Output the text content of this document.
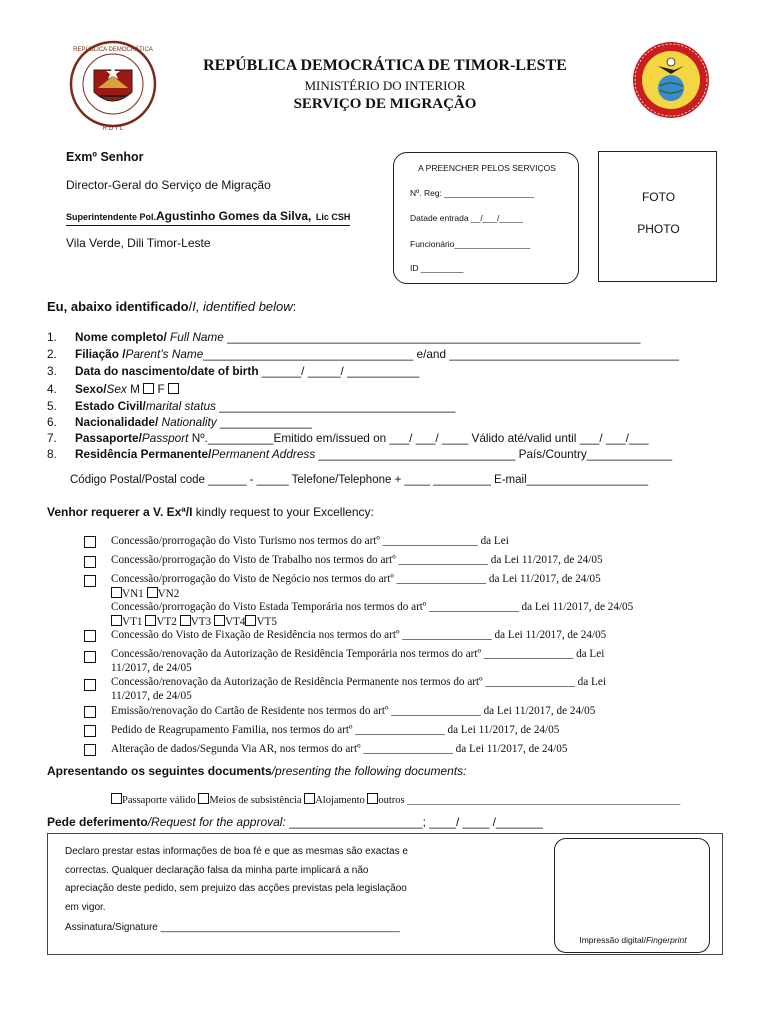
REPÚBLICA DEMOCRÁTICA
R D T L
REPÚBLICA DEMOCRÁTICA DE TIMOR-LESTE
MINISTÉRIO DO INTERIOR
SERVIÇO DE MIGRAÇÃO
Exmº Senhor
Director-Geral do Serviço de Migração
Superintendente Pol.Agustinho Gomes da Silva, Lic CSH
Vila Verde, Dili Timor-Leste
A PREENCHER PELOS SERVIÇOS
Nº. Reg: ___________________
Datade entrada __/___/_____
Funcionário________________
ID _________
FOTO
PHOTO
Eu, abaixo identificado/I, identified below:
1. Nome completo/ Full Name _______________________________________________________________
2. Filiação /Parent’s Name________________________________ e/and ___________________________________
3. Data do nascimento/date of birth ______/ _____/ ___________
4. Sexo/Sex M  F
5. Estado Civil/marital status ____________________________________
6. Nacionalidade/ Nationality ______________
7. Passaporte/Passport Nº.__________Emitido em/issued on ___/ ___/ ____ Válido até/valid until ___/ ___/___
8. Residência Permanente/Permanent Address ______________________________ País/Country_____________
Código Postal/Postal code ______ - _____ Telefone/Telephone + ____ _________ E-mail___________________
Venhor requerer a V. Exª/I kindly request to your Excellency:
Concessão/prorrogação do Visto Turismo nos termos do artº _________________ da Lei
Concessão/prorrogação do Visto de Trabalho nos termos do artº ________________ da Lei 11/2017, de 24/05
Concessão/prorrogação do Visto de Negócio nos termos do artº ________________ da Lei 11/2017, de 24/05
VN1 VN2
Concessão/prorrogação do Visto Estada Temporária nos termos do artº ________________ da Lei 11/2017, de 24/05
VT1 VT2 VT3 VT4 VT5
Concessão do Visto de Fixação de Residência nos termos do artº ________________ da Lei 11/2017, de 24/05
Concessão/renovação da Autorização de Residência Temporária nos termos do artº ________________ da Lei
11/2017, de 24/05
Concessão/renovação da Autorização de Residência Permanente nos termos do artº ________________ da Lei
11/2017, de 24/05
Emissão/renovação do Cartão de Residente nos termos do artº ________________ da Lei 11/2017, de 24/05
Pedido de Reagrupamento Familia, nos termos do artº ________________ da Lei 11/2017, de 24/05
Alteração de dados/Segunda Via AR, nos termos do artº ________________ da Lei 11/2017, de 24/05
Apresentando os seguintes documents/presenting the following documents:
Passaporte válido Meios de subsistência Alojamento outros ____________________________________________________
Pede deferimento/Request for the approval: ____________________; ____/ ____ /_______
Declaro prestar estas informações de boa fé e que as mesmas são exactas e
correctas. Qualquer declaração falsa da minha parte implicará a não
apreciação deste pedido, sem prejuizo das acções previstas pela legislaçãoo
em vigor.
Assinatura/Signature ___________________________________________
Impressão digital/Fingerprint
